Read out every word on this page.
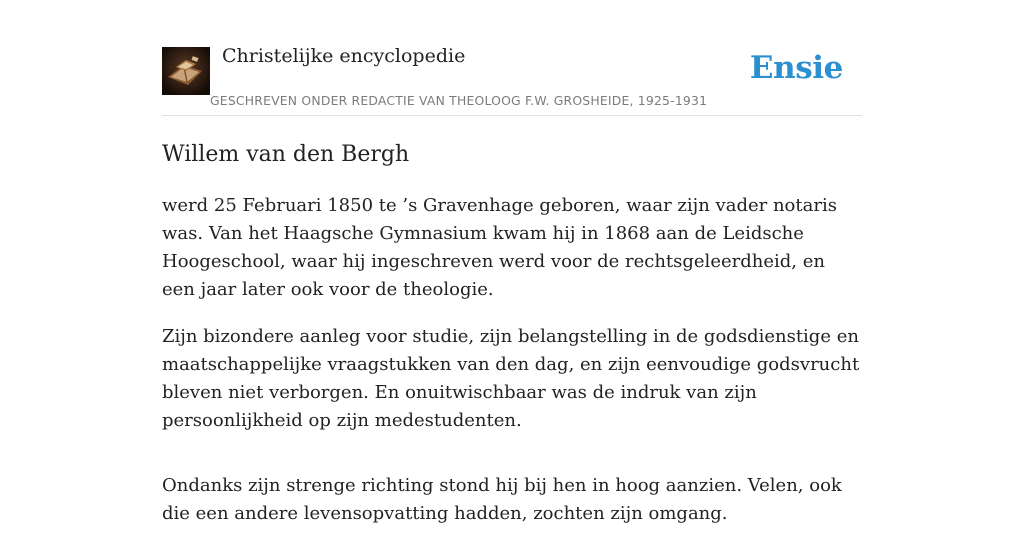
Christelijke encyclopedie
GESCHREVEN ONDER REDACTIE VAN THEOLOOG F.W. GROSHEIDE, 1925-1931
Ensie
Willem van den Bergh

werd 25 Februari 1850 te ’s Gravenhage geboren, waar zijn vader notaris was. Van het Haagsche Gymnasium kwam hij in 1868 aan de Leidsche Hoogeschool, waar hij ingeschreven werd voor de rechtsgeleerdheid, en een jaar later ook voor de theologie.

Zijn bizondere aanleg voor studie, zijn belangstelling in de godsdienstige en maatschappelijke vraagstukken van den dag, en zijn eenvoudige godsvrucht bleven niet verborgen. En onuitwischbaar was de indruk van zijn persoonlijkheid op zijn medestudenten.

Ondanks zijn strenge richting stond hij bij hen in hoog aanzien. Velen, ook die een andere levensopvatting hadden, zochten zijn omgang.
